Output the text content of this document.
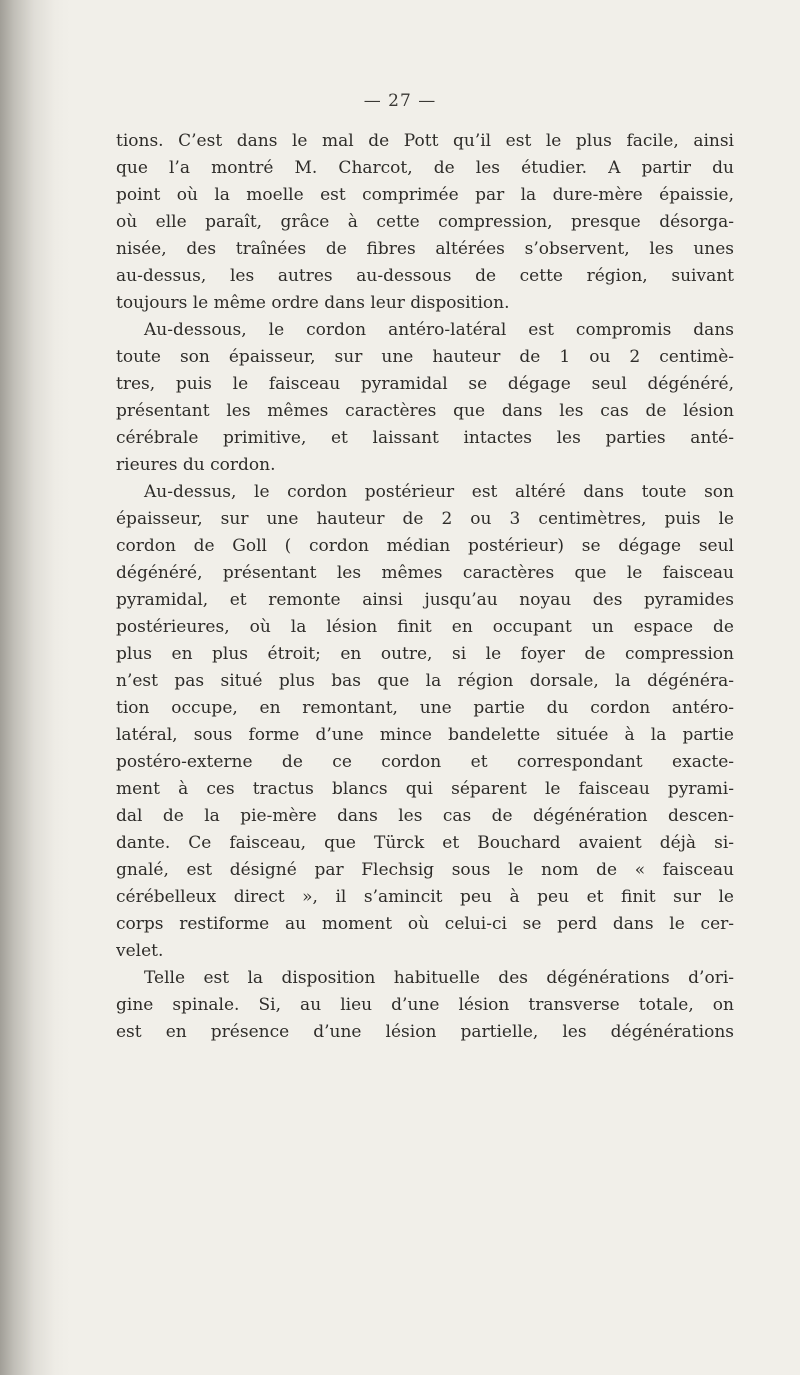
— 27 —
tions. C’est dans le mal de Pott qu’il est le plus facile, ainsi
que l’a montré M. Charcot, de les étudier. A partir du
point où la moelle est comprimée par la dure-mère épaissie,
où elle paraît, grâce à cette compression, presque désorga-
nisée, des traînées de fibres altérées s’observent, les unes
au-dessus, les autres au-dessous de cette région, suivant
toujours le même ordre dans leur disposition.
Au-dessous, le cordon antéro-latéral est compromis dans
toute son épaisseur, sur une hauteur de 1 ou 2 centimè-
tres, puis le faisceau pyramidal se dégage seul dégénéré,
présentant les mêmes caractères que dans les cas de lésion
cérébrale primitive, et laissant intactes les parties anté-
rieures du cordon.
Au-dessus, le cordon postérieur est altéré dans toute son
épaisseur, sur une hauteur de 2 ou 3 centimètres, puis le
cordon de Goll ( cordon médian postérieur) se dégage seul
dégénéré, présentant les mêmes caractères que le faisceau
pyramidal, et remonte ainsi jusqu’au noyau des pyramides
postérieures, où la lésion finit en occupant un espace de
plus en plus étroit; en outre, si le foyer de compression
n’est pas situé plus bas que la région dorsale, la dégénéra-
tion occupe, en remontant, une partie du cordon antéro-
latéral, sous forme d’une mince bandelette située à la partie
postéro-externe de ce cordon et correspondant exacte-
ment à ces tractus blancs qui séparent le faisceau pyrami-
dal de la pie-mère dans les cas de dégénération descen-
dante. Ce faisceau, que Türck et Bouchard avaient déjà si-
gnalé, est désigné par Flechsig sous le nom de « faisceau
cérébelleux direct », il s’amincit peu à peu et finit sur le
corps restiforme au moment où celui-ci se perd dans le cer-
velet.
Telle est la disposition habituelle des dégénérations d’ori-
gine spinale. Si, au lieu d’une lésion transverse totale, on
est en présence d’une lésion partielle, les dégénérations
